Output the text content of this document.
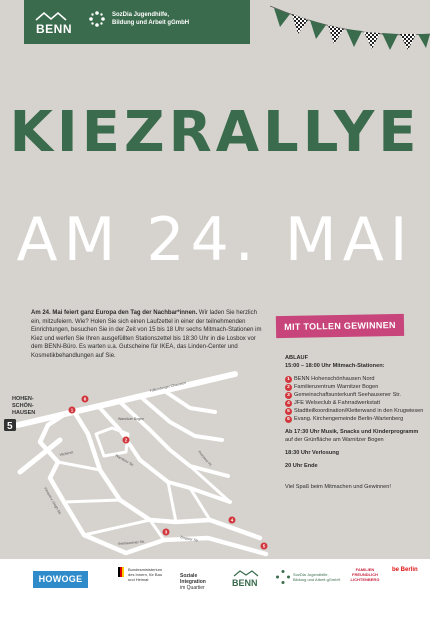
BENN
SozDia Jugendhilfe,
Bildung und Arbeit gGmbH
KIEZRALLYE
AM 24. MAI
Am 24. Mai feiert ganz Europa den Tag der Nachbar*innen. Wir laden Sie herzlich ein, mitzufeiern. Wie? Holen Sie sich einen Laufzettel in einer der teilnehmenden Einrichtungen, besuchen Sie in der Zeit von 15 bis 18 Uhr sechs Mitmach-Stationen im Kiez und werfen Sie Ihren ausgefüllten Stationszettel bis 18:30 Uhr in die Losbox vor dem BENN-Büro. Es warten u.a. Gutscheine für IKEA, das Linden-Center und Kosmetikbehandlungen auf Sie.
MIT TOLLEN GEWINNEN
ABLAUF
15:00 – 18:00 Uhr Mitmach-Stationen:
1 BENN Hohenschönhausen Nord
2 Familienzentrum Warnitzer Bogen
3 Gemeinschaftsunterkunft Seehausener Str.
4 JFE Welseclub & Fahrradwerkstatt
5 Stadtteilkoordination/Kletterwand in den Krugwiesen
6 Evang. Kirchengemeinde Berlin-Wartenberg
Ab 17:30 Uhr Musik, Snacks und Kinderprogramm
auf der Grünfläche am Warnitzer Bogen
18:30 Uhr Verlosung
20 Uhr Ende
Viel Spaß beim Mitmachen und Gewinnen!
HOHEN- SCHÖN- HAUSEN
5
Falkenberger Chaussee
Warnitzer Bogen
Welsestr.	Warnitzer Str.
Vincent-v.-Gogh-Str.
Seehausener Str.	Zingster Str.
Prerower Pl.
6
1
2
3
4
5
HOWOGE
Bundesministerium
des Innern, für Bau
und Heimat
Soziale
Integration
im Quartier	BENN
SozDia Jugendhilfe, Bildung und Arbeit gGmbH
FAMILIEN
FREUNDLICH
LICHTENBERG
be Berlin
